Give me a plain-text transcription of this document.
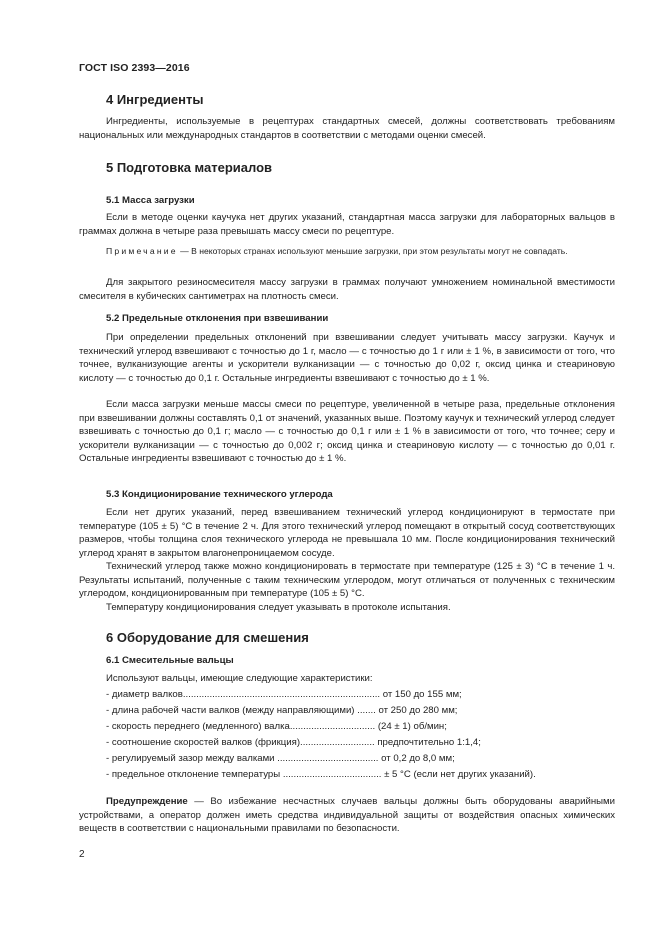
ГОСТ ISO 2393—2016
4 Ингредиенты
Ингредиенты, используемые в рецептурах стандартных смесей, должны соответствовать требованиям национальных или международных стандартов в соответствии с методами оценки смесей.
5 Подготовка материалов
5.1 Масса загрузки
Если в методе оценки каучука нет других указаний, стандартная масса загрузки для лабораторных вальцов в граммах должна в четыре раза превышать массу смеси по рецептуре.
Примечание — В некоторых странах используют меньшие загрузки, при этом результаты могут не совпадать.
Для закрытого резиносмесителя массу загрузки в граммах получают умножением номинальной вместимости смесителя в кубических сантиметрах на плотность смеси.
5.2 Предельные отклонения при взвешивании
При определении предельных отклонений при взвешивании следует учитывать массу загрузки. Каучук и технический углерод взвешивают с точностью до 1 г, масло — с точностью до 1 г или ± 1 %, в зависимости от того, что точнее, вулканизующие агенты и ускорители вулканизации — с точностью до 0,02 г, оксид цинка и стеариновую кислоту — с точностью до 0,1 г. Остальные ингредиенты взвешивают с точностью до ± 1 %.
Если масса загрузки меньше массы смеси по рецептуре, увеличенной в четыре раза, предельные отклонения при взвешивании должны составлять 0,1 от значений, указанных выше. Поэтому каучук и технический углерод следует взвешивать с точностью до 0,1 г; масло — с точностью до 0,1 г или ± 1 % в зависимости от того, что точнее; серу и ускорители вулканизации — с точностью до 0,002 г; оксид цинка и стеариновую кислоту — с точностью до 0,01 г. Остальные ингредиенты взвешивают с точностью до ± 1 %.
5.3 Кондиционирование технического углерода
Если нет других указаний, перед взвешиванием технический углерод кондиционируют в термостате при температуре (105 ± 5) °С в течение 2 ч. Для этого технический углерод помещают в открытый сосуд соответствующих размеров, чтобы толщина слоя технического углерода не превышала 10 мм. После кондиционирования технический углерод хранят в закрытом влагонепроницаемом сосуде.
Технический углерод также можно кондиционировать в термостате при температуре (125 ± 3) °С в течение 1 ч. Результаты испытаний, полученные с таким техническим углеродом, могут отличаться от полученных с техническим углеродом, кондиционированным при температуре (105 ± 5) °С.
Температуру кондиционирования следует указывать в протоколе испытания.
6 Оборудование для смешения
6.1 Смесительные вальцы
Используют вальцы, имеющие следующие характеристики:
- диаметр валков.......................................................................... от 150 до 155 мм;
- длина рабочей части валков (между направляющими) ....... от 250 до 280 мм;
- скорость переднего (медленного) валка................................ (24 ± 1) об/мин;
- соотношение скоростей валков (фрикция)............................ предпочтительно 1:1,4;
- регулируемый зазор между валками ...................................... от 0,2 до 8,0 мм;
- предельное отклонение температуры ..................................... ± 5 °С (если нет других указаний).
Предупреждение — Во избежание несчастных случаев вальцы должны быть оборудованы аварийными устройствами, а оператор должен иметь средства индивидуальной защиты от воздействия опасных химических веществ в соответствии с национальными правилами по безопасности.
2
